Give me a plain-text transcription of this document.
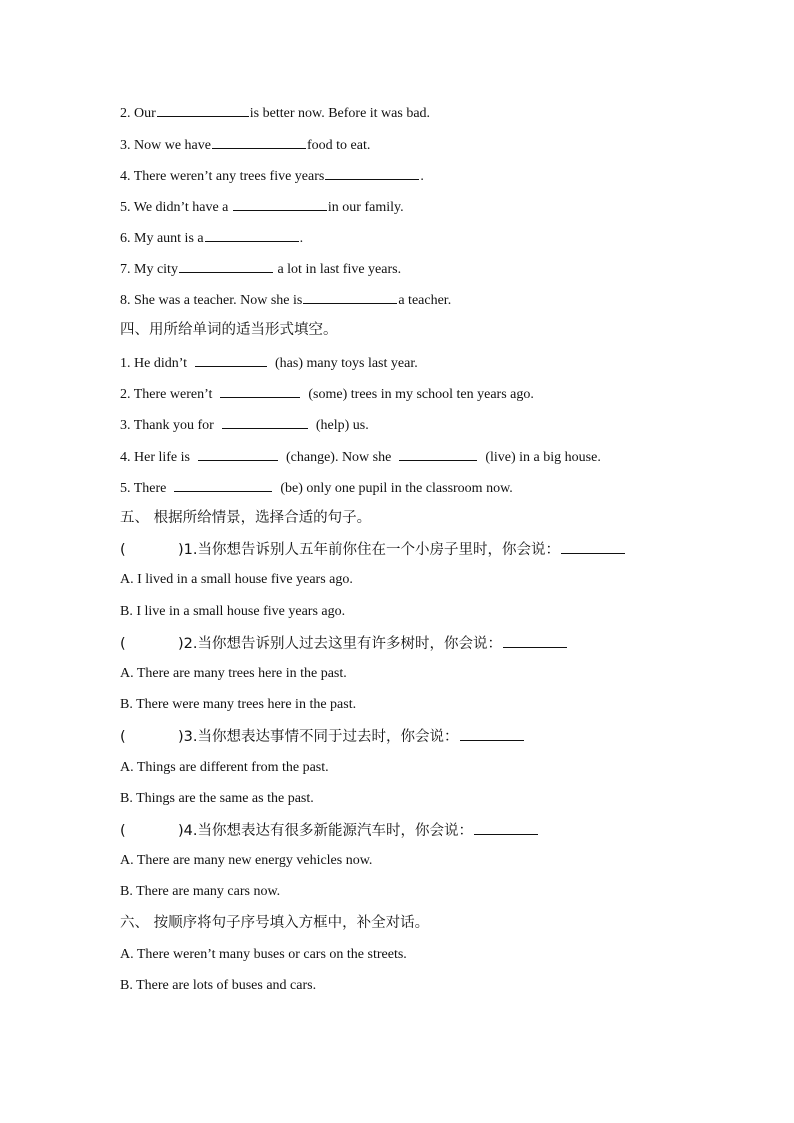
2. Our	is better now. Before it was bad.
3. Now we have	food to eat.
4. There weren’t any trees five years	.
5. We didn’t have a	in our family.
6. My aunt is a	.
7. My city	a lot in last five years.
8. She was a teacher. Now she is	a teacher.
四、用所给单词的适当形式填空。
1. He didn’t	(has) many toys last year.
2. There weren’t	(some) trees in my school ten years ago.
3. Thank you for	(help) us.
4. Her life is	(change). Now she	(live) in a big house.
5. There	(be) only one pupil in the classroom now.
五、 根据所给情景，选择合适的句子。
(	)1.当你想告诉别人五年前你住在一个小房子里时，你会说：
A. I lived in a small house five years ago.
B. I live in a small house five years ago.
(	)2.当你想告诉别人过去这里有许多树时，你会说：
A. There are many trees here in the past.
B. There were many trees here in the past.
(	)3.当你想表达事情不同于过去时，你会说：
A. Things are different from the past.
B. Things are the same as the past.
(	)4.当你想表达有很多新能源汽车时，你会说：
A. There are many new energy vehicles now.
B. There are many cars now.
六、 按顺序将句子序号填入方框中，补全对话。
A. There weren’t many buses or cars on the streets.
B. There are lots of buses and cars.
